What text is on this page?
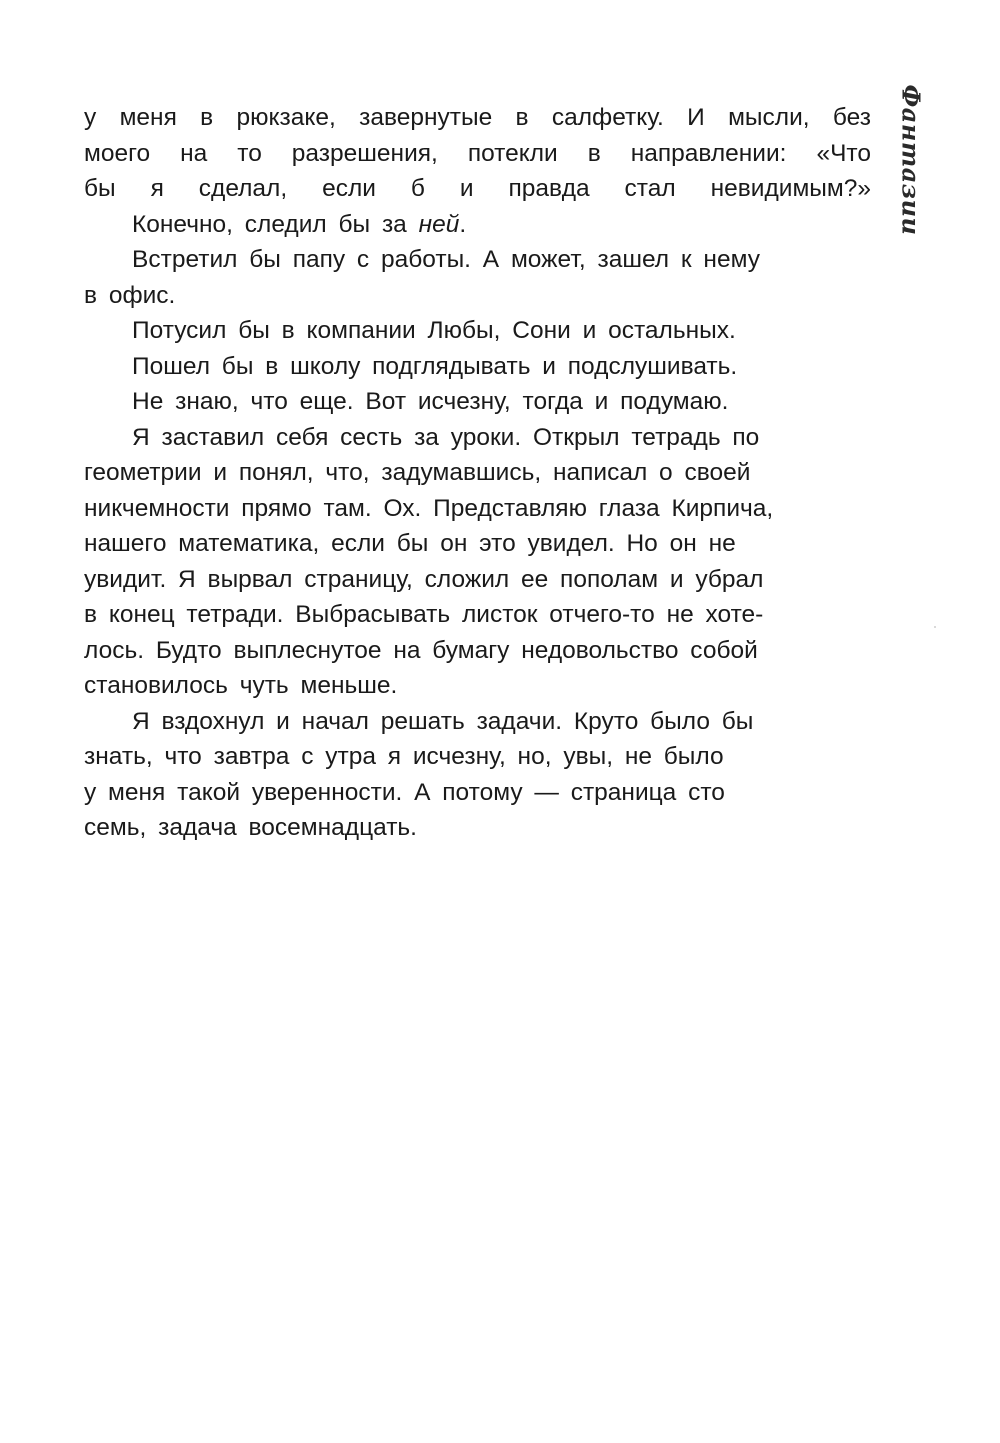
Фантазии

у меня в рюкзаке, завернутые в салфетку. И мысли, без
моего на то разрешения, потекли в направлении: «Что
бы я сделал, если б и правда стал невидимым?»

Конечно, следил бы за ней.

Встретил бы папу с работы. А может, зашел к нему
в офис.

Потусил бы в компании Любы, Сони и остальных.

Пошел бы в школу подглядывать и подслушивать.

Не знаю, что еще. Вот исчезну, тогда и подумаю.

Я заставил себя сесть за уроки. Открыл тетрадь по
геометрии и понял, что, задумавшись, написал о своей
никчемности прямо там. Ох. Представляю глаза Кирпича,
нашего математика, если бы он это увидел. Но он не
увидит. Я вырвал страницу, сложил ее пополам и убрал
в конец тетради. Выбрасывать листок отчего-то не хоте-
лось. Будто выплеснутое на бумагу недовольство собой
становилось чуть меньше.

Я вздохнул и начал решать задачи. Круто было бы
знать, что завтра с утра я исчезну, но, увы, не было
у меня такой уверенности. А потому — страница сто
семь, задача восемнадцать.
